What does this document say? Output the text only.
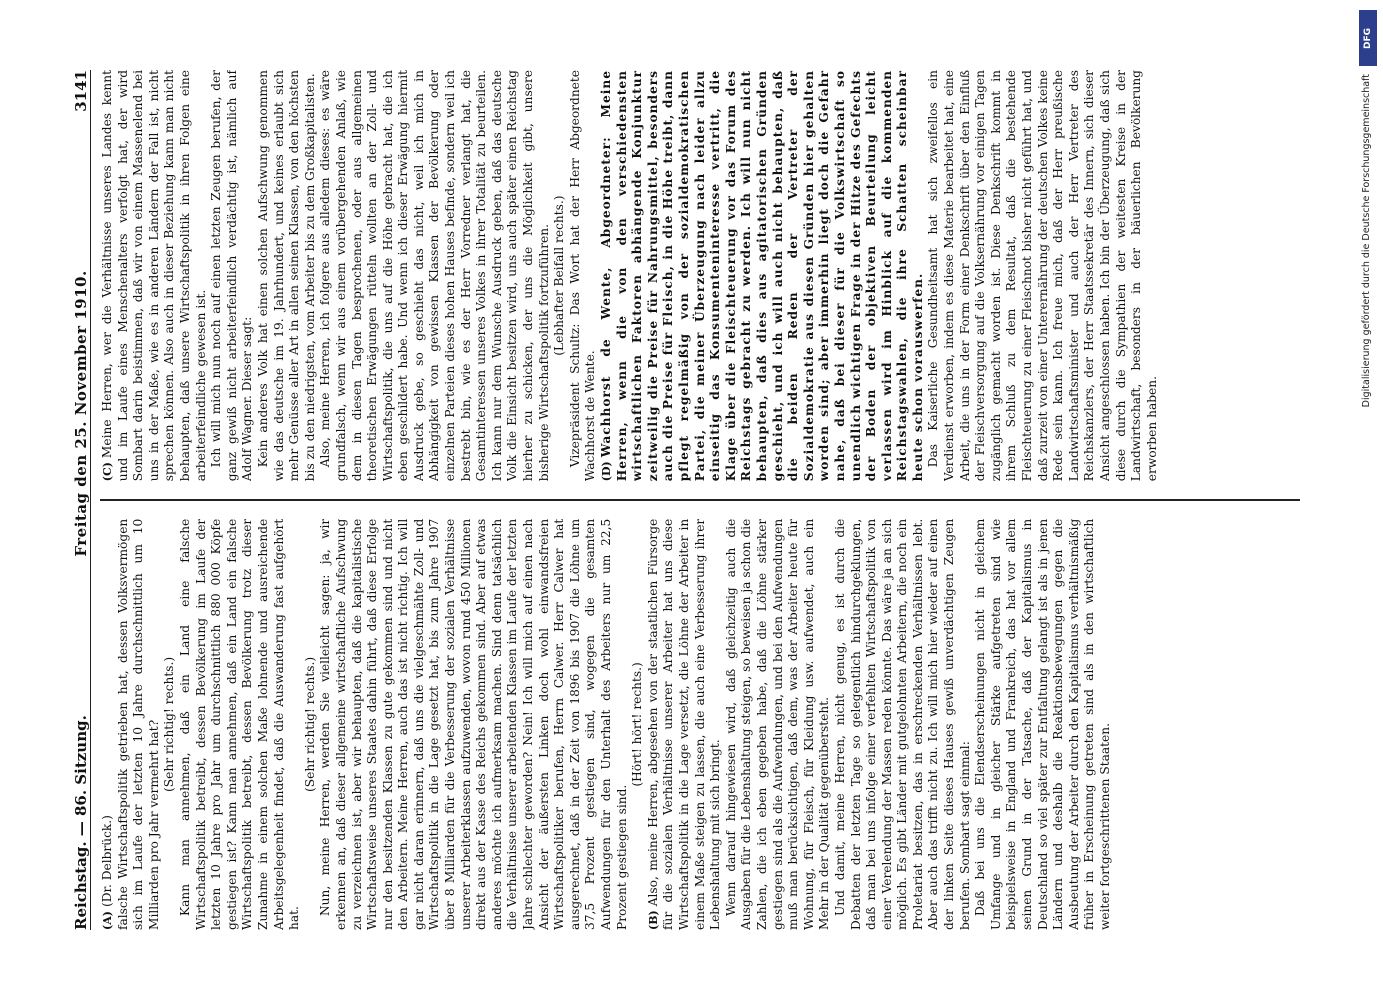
Reichstag. — 86. Sitzung.
Freitag den 25. November 1910.
3141

(A)(Dr. Delbrück.) falsche Wirtschaftspolitik getrieben hat, dessen Volksvermögen sich im Laufe der letzten 10 Jahre durchschnittlich um 10 Milliarden pro Jahr vermehrt hat? (Sehr richtig! rechts.) Kann man annehmen, daß ein Land eine falsche Wirtschaftspolitik betreibt, dessen Bevölkerung im Laufe der letzten 10 Jahre pro Jahr um durchschnittlich 880 000 Köpfe gestiegen ist? Kann man annehmen, daß ein Land ein falsche Wirtschaftspolitik betreibt, dessen Bevölkerung trotz dieser Zunahme in einem solchen Maße lohnende und ausreichende Arbeitsgelegenheit findet, daß die Auswanderung fast aufgehört hat.

(Sehr richtig! rechts.) Nun, meine Herren, werden Sie vielleicht sagen: ja, wir erkennen an, daß dieser allgemeine wirtschaftliche Aufschwung zu verzeichnen ist, aber wir behaupten, daß die kapitalistische Wirtschaftsweise unseres Staates dahin führt, daß diese Erfolge nur den besitzenden Klassen zu gute gekommen sind und nicht den Arbeitern. Meine Herren, auch das ist nicht richtig. Ich will gar nicht daran erinnern, daß uns die vielgeschmähte Zoll- und Wirtschaftspolitik in die Lage gesetzt hat, bis zum Jahre 1907 über 8 Milliarden für die Verbesserung der sozialen Verhältnisse unserer Arbeiterklassen aufzuwenden, wovon rund 450 Millionen direkt aus der Kasse des Reichs gekommen sind. Aber auf etwas anderes möchte ich aufmerksam machen. Sind denn tatsächlich die Verhältnisse unserer arbeitenden Klassen im Laufe der letzten Jahre schlechter geworden? Nein! Ich will mich auf einen nach Ansicht der äußersten Linken doch wohl einwandsfreien Wirtschaftspolitiker berufen, Herrn Calwer. Herr Calwer hat ausgerechnet, daß in der Zeit von 1896 bis 1907 die Löhne um 37,5 Prozent gestiegen sind, wogegen die gesamten Aufwendungen für den Unterhalt des Arbeiters nur um 22,5 Prozent gestiegen sind.

(Hört! hört! rechts.)

(B)Also, meine Herren, abgesehen von der staatlichen Fürsorge für die sozialen Verhältnisse unserer Arbeiter hat uns diese Wirtschaftspolitik in die Lage versetzt, die Löhne der Arbeiter in einem Maße steigen zu lassen, die auch eine Verbesserung ihrer Lebenshaltung mit sich bringt. Wenn darauf hingewiesen wird, daß gleichzeitig auch die Ausgaben für die Lebenshaltung steigen, so beweisen ja schon die Zahlen, die ich eben gegeben habe, daß die Löhne stärker gestiegen sind als die Aufwendungen, und bei den Aufwendungen muß man berücksichtigen, daß dem, was der Arbeiter heute für Wohnung, für Fleisch, für Kleidung usw. aufwendet, auch ein Mehr in der Qualität gegenübersteht. Und damit, meine Herren, nicht genug, es ist durch die Debatten der letzten Tage so gelegentlich hindurchgeklungen, daß man bei uns infolge einer verfehlten Wirtschaftspolitik von einer Verelendung der Massen reden könnte. Das wäre ja an sich möglich. Es gibt Länder mit gutgelohnten Arbeitern, die noch ein Proletariat besitzen, das in erschreckenden Verhältnissen lebt. Aber auch das trifft nicht zu. Ich will mich hier wieder auf einen der linken Seite dieses Hauses gewiß unverdächtigen Zeugen berufen. Sombart sagt einmal: Daß bei uns die Elendserscheinungen nicht in gleichem Umfange und in gleicher Stärke aufgetreten sind wie beispielsweise in England und Frankreich, das hat vor allem seinen Grund in der Tatsache, daß der Kapitalismus in Deutschland so viel später zur Entfaltung gelangt ist als in jenen Ländern und deshalb die Reaktionsbewegungen gegen die Ausbeutung der Arbeiter durch den Kapitalismus verhältnismäßig früher in Erscheinung getreten sind als in den wirtschaftlich weiter fortgeschrittenen Staaten.

(C)Meine Herren, wer die Verhältnisse unseres Landes kennt und im Laufe eines Menschenalters verfolgt hat, der wird Sombart darin beistimmen, daß wir von einem Massenelend bei uns in der Maße, wie es in anderen Ländern der Fall ist, nicht sprechen können. Also auch in dieser Beziehung kann man nicht behaupten, daß unsere Wirtschaftspolitik in ihren Folgen eine arbeiterfeindliche gewesen ist. Ich will mich nun noch auf einen letzten Zeugen berufen, der ganz gewiß nicht arbeiterfeindlich verdächtig ist, nämlich auf Adolf Wagner. Dieser sagt: Kein anderes Volk hat einen solchen Aufschwung genommen wie das deutsche im 19. Jahrhundert, und keines erlaubt sich mehr Genüsse aller Art in allen seinen Klassen, von den höchsten bis zu den niedrigsten, vom Arbeiter bis zu dem Großkapitalisten. Also, meine Herren, ich folgere aus alledem dieses: es wäre grundfalsch, wenn wir aus einem vorübergehenden Anlaß, wie dem in diesen Tagen besprochenen, oder aus allgemeinen theoretischen Erwägungen rütteln wollten an der Zoll- und Wirtschaftspolitik, die uns auf die Höhe gebracht hat, die ich eben geschildert habe. Und wenn ich dieser Erwägung hiermit Ausdruck gebe, so geschieht das nicht, weil ich mich in Abhängigkeit von gewissen Klassen der Bevölkerung oder einzelnen Parteien dieses hohen Hauses befinde, sondern weil ich bestrebt bin, wie es der Herr Vorredner verlangt hat, die Gesamtinteressen unseres Volkes in ihrer Totalität zu beurteilen. Ich kann nur dem Wunsche Ausdruck geben, daß das deutsche Volk die Einsicht besitzen wird, uns auch später einen Reichstag hierher zu schicken, der uns die Möglichkeit gibt, unsere bisherige Wirtschaftspolitik fortzuführen. (Lebhafter Beifall rechts.) Vizepräsident Schultz: Das Wort hat der Herr Abgeordnete Wachhorst de Wente. (D)Wachhorst de Wente, Abgeordneter: Meine Herren, wenn die von den verschiedensten wirtschaftlichen Faktoren abhängende Konjunktur zeitweilig die Preise für Nahrungsmittel, besonders auch die Preise für Fleisch, in die Höhe treibt, dann pflegt regelmäßig von der sozialdemokratischen Partei, die meiner Überzeugung nach leider allzu einseitig das Konsumenteninteresse vertritt, die Klage über die Fleischteuerung vor das Forum des Reichstags gebracht zu werden. Ich will nun nicht behaupten, daß dies aus agitatorischen Gründen geschieht, und ich will auch nicht behaupten, daß die beiden Reden der Vertreter der Sozialdemokratie aus diesen Gründen hier gehalten worden sind; aber immerhin liegt doch die Gefahr nahe, daß bei dieser für die Volkswirtschaft so unendlich wichtigen Frage in der Hitze des Gefechts der Boden der objektiven Beurteilung leicht verlassen wird im Hinblick auf die kommenden Reichstagswahlen, die ihre Schatten scheinbar heute schon vorauswerfen. Das Kaiserliche Gesundheitsamt hat sich zweifellos ein Verdienst erworben, indem es diese Materie bearbeitet hat, eine Arbeit, die uns in der Form einer Denkschrift über den Einfluß der Fleischversorgung auf die Volksernährung vor einigen Tagen zugänglich gemacht worden ist. Diese Denkschrift kommt in ihrem Schluß zu dem Resultat, daß die bestehende Fleischteuerung zu einer Fleischnot bisher nicht geführt hat, und daß zurzeit von einer Unterernährung der deutschen Volkes keine Rede sein kann. Ich freue mich, daß der Herr preußische Landwirtschaftsminister und auch der Herr Vertreter des Reichskanzlers, der Herr Staatssekretär des Innern, sich dieser Ansicht angeschlossen haben. Ich bin der Überzeugung, daß sich diese durch die Sympathien der weitesten Kreise in der Landwirtschaft, besonders in der bäuerlichen Bevölkerung erworben haben.

DFG
Digitalisierung gefördert durch die Deutsche Forschungsgemeinschaft
